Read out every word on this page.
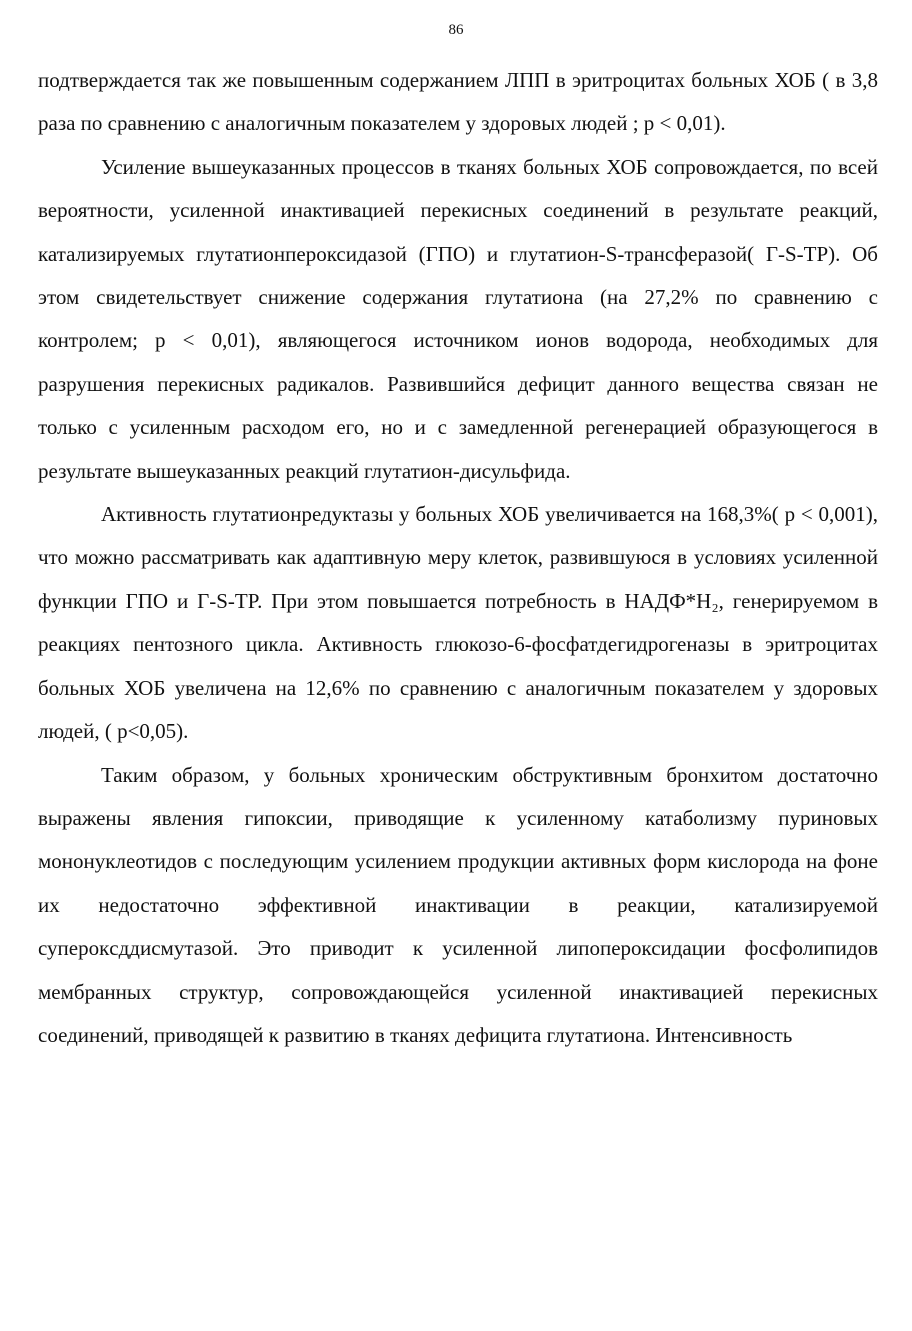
86

подтверждается так же повышенным содержанием ЛПП в эритроцитах больных ХОБ ( в 3,8 раза по сравнению с аналогичным показателем у здоровых людей ; р < 0,01).

Усиление вышеуказанных процессов в тканях больных ХОБ сопровождается, по всей вероятности, усиленной инактивацией перекисных соединений в результате реакций, катализируемых глутатионпероксидазой (ГПО) и глутатион-S-трансферазой( Г-S-TP). Об этом свидетельствует снижение содержания глутатиона (на 27,2% по сравнению с контролем; р < 0,01), являющегося источником ионов водорода, необходимых для разрушения перекисных радикалов. Развившийся дефицит данного вещества связан не только с усиленным расходом его, но и с замедленной регенерацией образующегося в результате вышеуказанных реакций глутатион-дисульфида.

Активность глутатионредуктазы у больных ХОБ увеличивается на 168,3%( р < 0,001), что можно рассматривать как адаптивную меру клеток, развившуюся в условиях усиленной функции ГПО и Г-S-TP. При этом повышается потребность в НАДФ*Н₂, генерируемом в реакциях пентозного цикла. Активность глюкозо-6-фосфатдегидрогеназы в эритроцитах больных ХОБ увеличена на 12,6% по сравнению с аналогичным показателем у здоровых людей, ( р<0,05).

Таким образом, у больных хроническим обструктивным бронхитом достаточно выражены явления гипоксии, приводящие к усиленному катаболизму пуриновых мононуклеотидов с последующим усилением продукции активных форм кислорода на фоне их недостаточно эффективной инактивации в реакции, катализируемой суперокcддисмутазой. Это приводит к усиленной липопероксидации фосфолипидов мембранных структур, сопровождающейся усиленной инактивацией перекисных соединений, приводящей к развитию в тканях дефицита глутатиона. Интенсивность
